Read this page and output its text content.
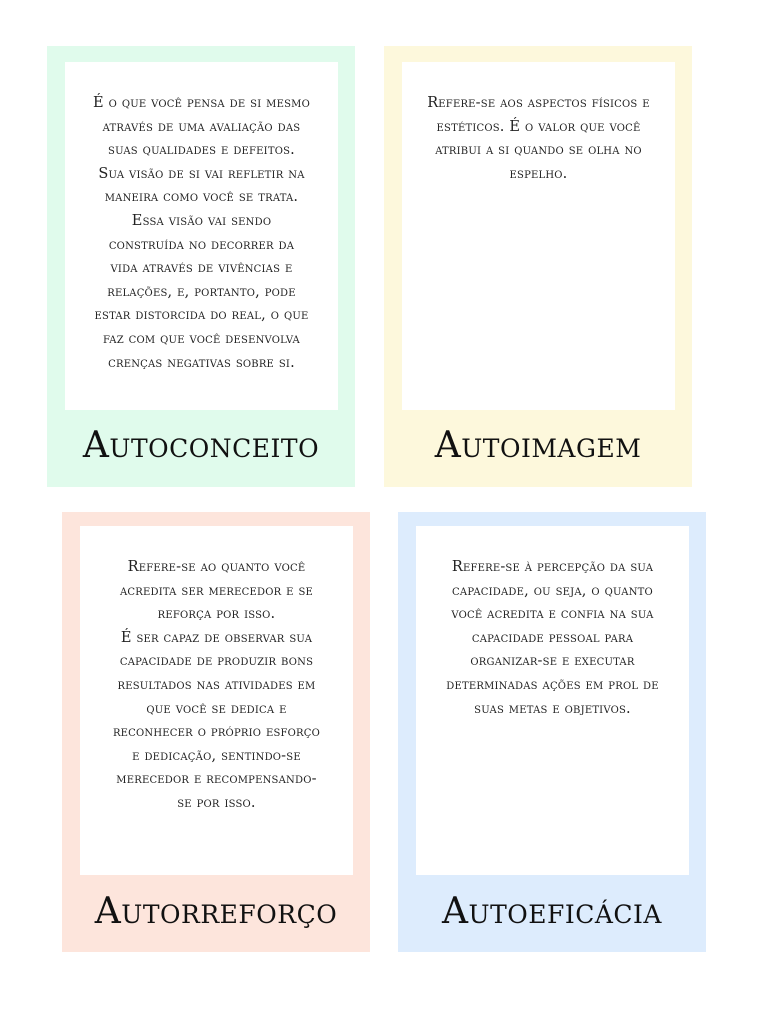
É o que você pensa de si mesmo
através de uma avaliação das
suas qualidades e defeitos.
Sua visão de si vai refletir na
maneira como você se trata.
Essa visão vai sendo
construída no decorrer da
vida através de vivências e
relações, e, portanto, pode
estar distorcida do real, o que
faz com que você desenvolva
crenças negativas sobre si.

Autoconceito

Refere-se aos aspectos físicos e
estéticos. É o valor que você
atribui a si quando se olha no
espelho.

Autoimagem

Refere-se ao quanto você
acredita ser merecedor e se
reforça por isso.
É ser capaz de observar sua
capacidade de produzir bons
resultados nas atividades em
que você se dedica e
reconhecer o próprio esforço
e dedicação, sentindo-se
merecedor e recompensando-
se por isso.

Autorreforço

Refere-se à percepção da sua
capacidade, ou seja, o quanto
você acredita e confia na sua
capacidade pessoal para
organizar-se e executar
determinadas ações em prol de
suas metas e objetivos.

Autoeficácia
